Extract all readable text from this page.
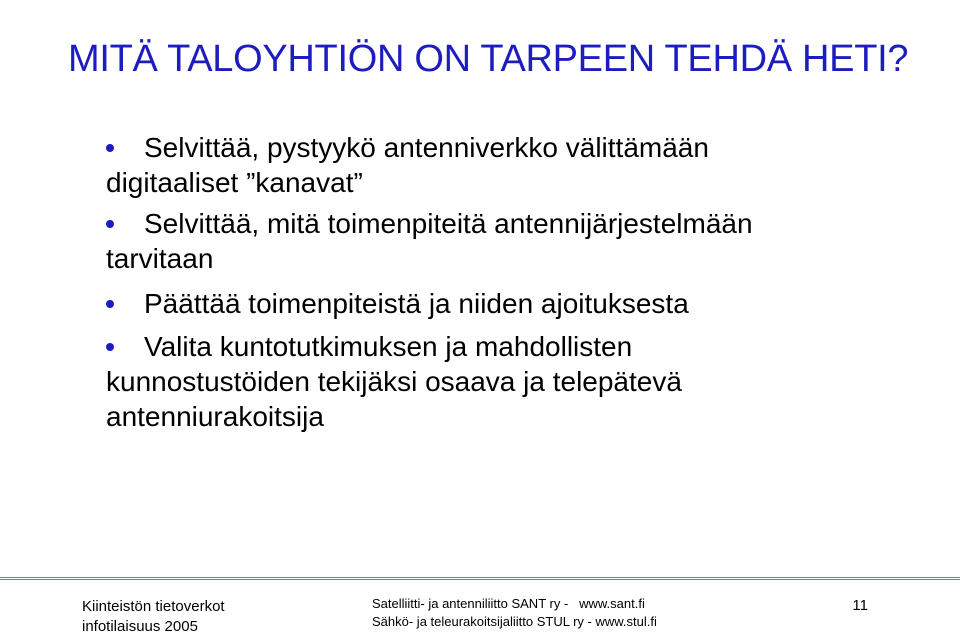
MITÄ TALOYHTIÖN ON TARPEEN TEHDÄ HETI?
Selvittää, pystyykö antenniverkko välittämään
digitaaliset ”kanavat”
Selvittää, mitä toimenpiteitä antennijärjestelmään
tarvitaan
Päättää toimenpiteistä ja niiden ajoituksesta
Valita kuntotutkimuksen ja mahdollisten
kunnostustöiden tekijäksi osaava ja telepätevä
antenniurakoitsija
Kiinteistön tietoverkot
infotilaisuus 2005
Satelliitti- ja antenniliitto SANT ry -   www.sant.fi
Sähkö- ja teleurakoitsijaliitto STUL ry - www.stul.fi
11
